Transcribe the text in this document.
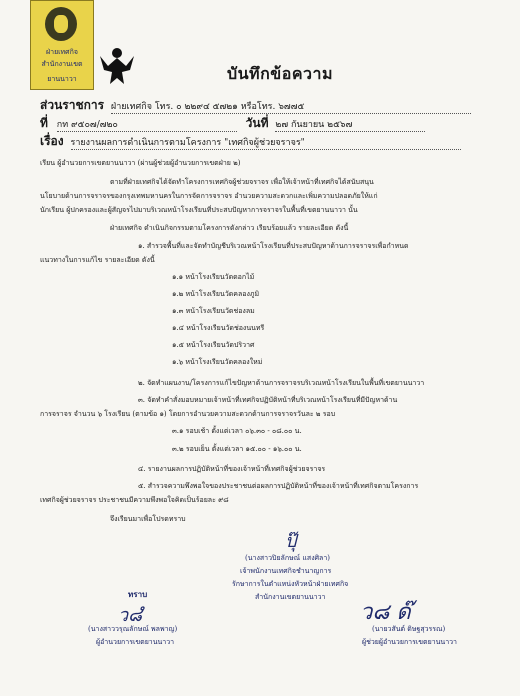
ฝ่ายเทศกิจ
สำนักงานเขต
ยานนาวา	บันทึกข้อความ
ส่วนราชการ ฝ่ายเทศกิจ โทร. ๐ ๒๒๙๔ ๕๗๒๑ หรือโทร. ๖๗๗๕
ที่ กท ๙๕๐๗/๗๒๐	วันที่ ๒๗ กันยายน ๒๕๖๗
เรื่อง รายงานผลการดำเนินการตามโครงการ "เทศกิจผู้ช่วยจราจร"
เรียน ผู้อำนวยการเขตยานนาวา (ผ่านผู้ช่วยผู้อำนวยการเขตฝ่าย ๒)
ตามที่ฝ่ายเทศกิจได้จัดทำโครงการเทศกิจผู้ช่วยจราจร เพื่อให้เจ้าหน้าที่เทศกิจได้สนับสนุน
นโยบายด้านการจราจรของกรุงเทพมหานครในการจัดการจราจร อำนวยความสะดวกและเพิ่มความปลอดภัยให้แก่
นักเรียน ผู้ปกครองและผู้สัญจรไปมาบริเวณหน้าโรงเรียนที่ประสบปัญหาการจราจรในพื้นที่เขตยานนาวา นั้น
ฝ่ายเทศกิจ ดำเนินกิจกรรมตามโครงการดังกล่าว เรียบร้อยแล้ว รายละเอียด ดังนี้
๑. สำรวจพื้นที่และจัดทำบัญชีบริเวณหน้าโรงเรียนที่ประสบปัญหาด้านการจราจรเพื่อกำหนด
แนวทางในการแก้ไข รายละเอียด ดังนี้
๑.๑ หน้าโรงเรียนวัดดอกไม้
๑.๒ หน้าโรงเรียนวัดคลองภูมิ
๑.๓ หน้าโรงเรียนวัดช่องลม
๑.๔ หน้าโรงเรียนวัดช่องนนทรี
๑.๕ หน้าโรงเรียนวัดปริวาศ
๑.๖ หน้าโรงเรียนวัดคลองใหม่
๒. จัดทำแผนงาน/โครงการแก้ไขปัญหาด้านการจราจรบริเวณหน้าโรงเรียนในพื้นที่เขตยานนาวา
๓. จัดทำคำสั่งมอบหมายเจ้าหน้าที่เทศกิจปฏิบัติหน้าที่บริเวณหน้าโรงเรียนที่มีปัญหาด้าน
การจราจร จำนวน ๖ โรงเรียน (ตามข้อ ๑) โดยการอำนวยความสะดวกด้านการจราจรวันละ ๒ รอบ
๓.๑ รอบเช้า ตั้งแต่เวลา ๐๖.๓๐ - ๐๘.๐๐ น.
๓.๒ รอบเย็น ตั้งแต่เวลา ๑๕.๐๐ - ๑๖.๐๐ น.
๔. รายงานผลการปฏิบัติหน้าที่ของเจ้าหน้าที่เทศกิจผู้ช่วยจราจร
๕. สำรวจความพึงพอใจของประชาชนต่อผลการปฏิบัติหน้าที่ของเจ้าหน้าที่เทศกิจตามโครงการ
เทศกิจผู้ช่วยจราจร ประชาชนมีความพึงพอใจคิดเป็นร้อยละ ๙๘
จึงเรียนมาเพื่อโปรดทราบ
ปุ๊
(นางสาวปิยลักษณ์ แสงศิลา)
เจ้าพนักงานเทศกิจชำนาญการ
รักษาการในตำแหน่งหัวหน้าฝ่ายเทศกิจ
สำนักงานเขตยานนาวา
ว๘ ด๊
(นายวสันต์ ดิษฐสุวรรณ)
ผู้ช่วยผู้อำนวยการเขตยานนาวา
ทราบ
ว๘ํ
(นางสาววรุณลักษณ์ พลพาญ)
ผู้อำนวยการเขตยานนาวา
